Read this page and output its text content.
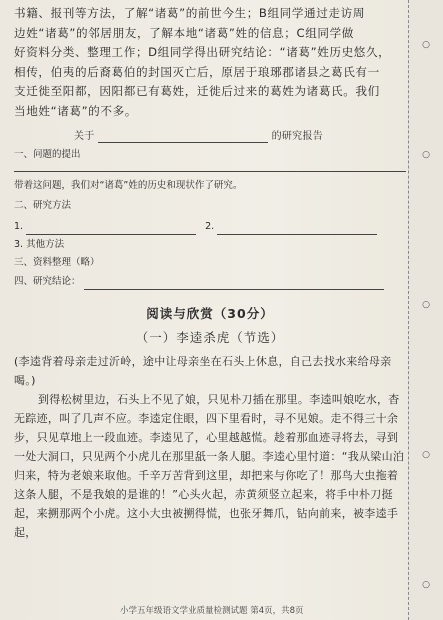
书籍、报刊等方法，了解“诸葛”的前世今生；B组同学通过走访周

边姓“诸葛”的邻居朋友，了解本地“诸葛”姓的信息；C组同学做

好资料分类、整理工作；D组同学得出研究结论：“诸葛”姓历史悠久，

相传，伯夷的后裔葛伯的封国灭亡后，原居于琅琊郡诸县之葛氏有一

支迁徙至阳都，因阳都已有葛姓，迁徙后过来的葛姓为诸葛氏。我们

当地姓“诸葛”的不多。

关于	的研究报告
一、问题的提出
带着这问题，我们对“诸葛”姓的历史和现状作了研究。
二、研究方法
1.	2.
3. 其他方法
三、资料整理（略）
四、研究结论：
阅读与欣赏（30分）
（一）李逵杀虎（节选）

(李逵背着母亲走过沂岭，途中让母亲坐在石头上休息，自己去找水来给母亲喝。)

到得松树里边，石头上不见了娘，只见朴刀插在那里。李逵叫娘吃水，杳无踪迹，叫了几声不应。李逵定住眼，四下里看时，寻不见娘。走不得三十余步，只见草地上一段血迹。李逵见了，心里越越慌。趁着那血迹寻将去，寻到一处大洞口，只见两个小虎儿在那里舐一条人腿。李逵心里忖道：“我从梁山泊归来，特为老娘来取他。千辛万苦背到这里，却把来与你吃了！那鸟大虫拖着这条人腿，不是我娘的是谁的！”心头火起，赤黄须竖立起来，将手中朴刀挺起，来搠那两个小虎。这小大虫被搠得慌，也张牙舞爪，钻向前来，被李逵手起，

○
○
○
○
○
小学五年级语文学业质量检测试题 第4页，共8页
